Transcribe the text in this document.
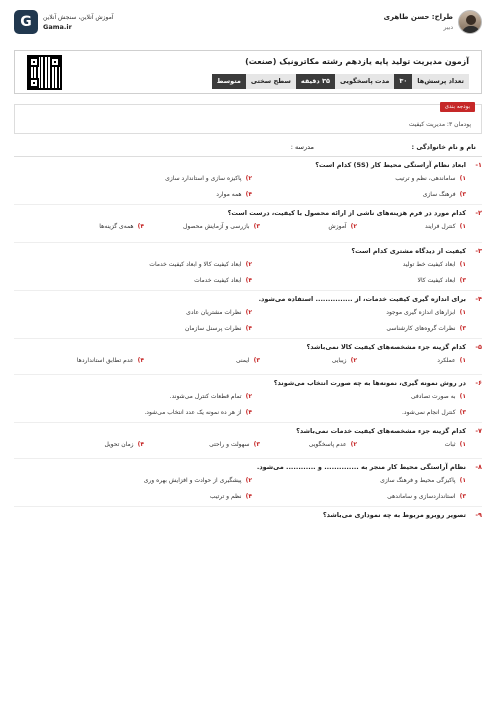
طراح: حسن طاهری
دبیر
G	آموزش آنلاین، سنجش آنلاین
Gama.ir
آزمون مدیریت تولید پایه یازدهم رشته مکاترونیک (صنعت)
تعداد پرسش‌ها
۳۰
مدت پاسخگویی
۳۵ دقیقه
سطح سختی
متوسط
بودجه بندی
پودمان ۳: مدیریت کیفیت
نام و نام خانوادگی :
مدرسه :
۱-
ابعاد نظام آراستگی محیط کار (5S) کدام است؟
۱)
ساماندهی، نظم و ترتیب
۲)
پاکیزه سازی و استاندارد سازی
۳)
فرهنگ سازی
۴)
همه موارد
۲-
کدام مورد در فرم هزینه‌های ناشی از ارائه محصول با کیفیت، درست است؟
۱)
کنترل فرایند
۲)
آموزش
۳)
بازرسی و آزمایش محصول
۴)
همه‌ی گزینه‌ها
۳-
کیفیت از دیدگاه مشتری کدام است؟
۱)
ابعاد کیفیت خط تولید
۲)
ابعاد کیفیت کالا و ابعاد کیفیت خدمات
۳)
ابعاد کیفیت کالا
۴)
ابعاد کیفیت خدمات
۴-
برای اندازه گیری کیفیت خدمات، از ............... استفاده می‌شود.
۱)
ابزارهای اندازه گیری موجود
۲)
نظرات مشتریان عادی
۳)
نظرات گروه‌های کارشناسی
۴)
نظرات پرسنل سازمان
۵-
کدام گزینه جزء مشخصه‌های کیفیت کالا نمی‌باشد؟
۱)
عملکرد
۲)
زیبایی
۳)
ایمنی
۴)
عدم تطابق استانداردها
۶-
در روش نمونه گیری، نمونه‌ها به چه صورت انتخاب می‌شوند؟
۱)
به صورت تصادفی
۲)
تمام قطعات کنترل می‌شوند.
۳)
کنترل انجام نمی‌شود.
۴)
از هر ده نمونه یک عدد انتخاب می‌شود.
۷-
کدام گزینه جزء مشخصه‌های کیفیت خدمات نمی‌باشد؟
۱)
ثبات
۲)
عدم پاسخگویی
۳)
سهولت و راحتی
۴)
زمان تحویل
۸-
نظام آراستگی محیط کار منجر به .............. و ............ می‌شود.
۱)
پاکیزگی محیط و فرهنگ سازی
۲)
پیشگیری از حوادث و افزایش بهره وری
۳)
استانداردسازی و ساماندهی
۴)
نظم و ترتیب
۹-
تصویر روبرو مربوط به چه نموداری می‌باشد؟
